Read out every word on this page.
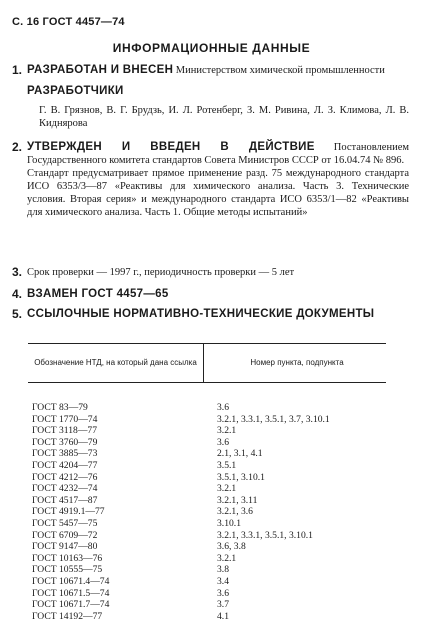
С. 16 ГОСТ 4457—74
ИНФОРМАЦИОННЫЕ ДАННЫЕ
1. РАЗРАБОТАН И ВНЕСЕН Министерством химической промышленности
РАЗРАБОТЧИКИ
Г. В. Грязнов, В. Г. Брудзь, И. Л. Ротенберг, З. М. Ривина, Л. З. Климова, Л. В. Киднярова
2. УТВЕРЖДЕН И ВВЕДЕН В ДЕЙСТВИЕ Постановлением Государственного комитета стандартов Совета Министров СССР от 16.04.74 № 896.
Стандарт предусматривает прямое применение разд. 75 международного стандарта ИСО 6353/3—87 «Реактивы для химического анализа. Часть 3. Технические условия. Вторая серия» и международного стандарта ИСО 6353/1—82 «Реактивы для химического анализа. Часть 1. Общие методы испытаний»
3. Срок проверки — 1997 г., периодичность проверки — 5 лет
4. ВЗАМЕН ГОСТ 4457—65
5. ССЫЛОЧНЫЕ НОРМАТИВНО-ТЕХНИЧЕСКИЕ ДОКУМЕНТЫ
Обозначение НТД, на который дана ссылка	Номер пункта, подпункта
ГОСТ 83—79	3.6
ГОСТ 1770—74	3.2.1, 3.3.1, 3.5.1, 3.7, 3.10.1
ГОСТ 3118—77	3.2.1
ГОСТ 3760—79	3.6
ГОСТ 3885—73	2.1, 3.1, 4.1
ГОСТ 4204—77	3.5.1
ГОСТ 4212—76	3.5.1, 3.10.1
ГОСТ 4232—74	3.2.1
ГОСТ 4517—87	3.2.1, 3.11
ГОСТ 4919.1—77	3.2.1, 3.6
ГОСТ 5457—75	3.10.1
ГОСТ 6709—72	3.2.1, 3.3.1, 3.5.1, 3.10.1
ГОСТ 9147—80	3.6, 3.8
ГОСТ 10163—76	3.2.1
ГОСТ 10555—75	3.8
ГОСТ 10671.4—74	3.4
ГОСТ 10671.5—74	3.6
ГОСТ 10671.7—74	3.7
ГОСТ 14192—77	4.1
